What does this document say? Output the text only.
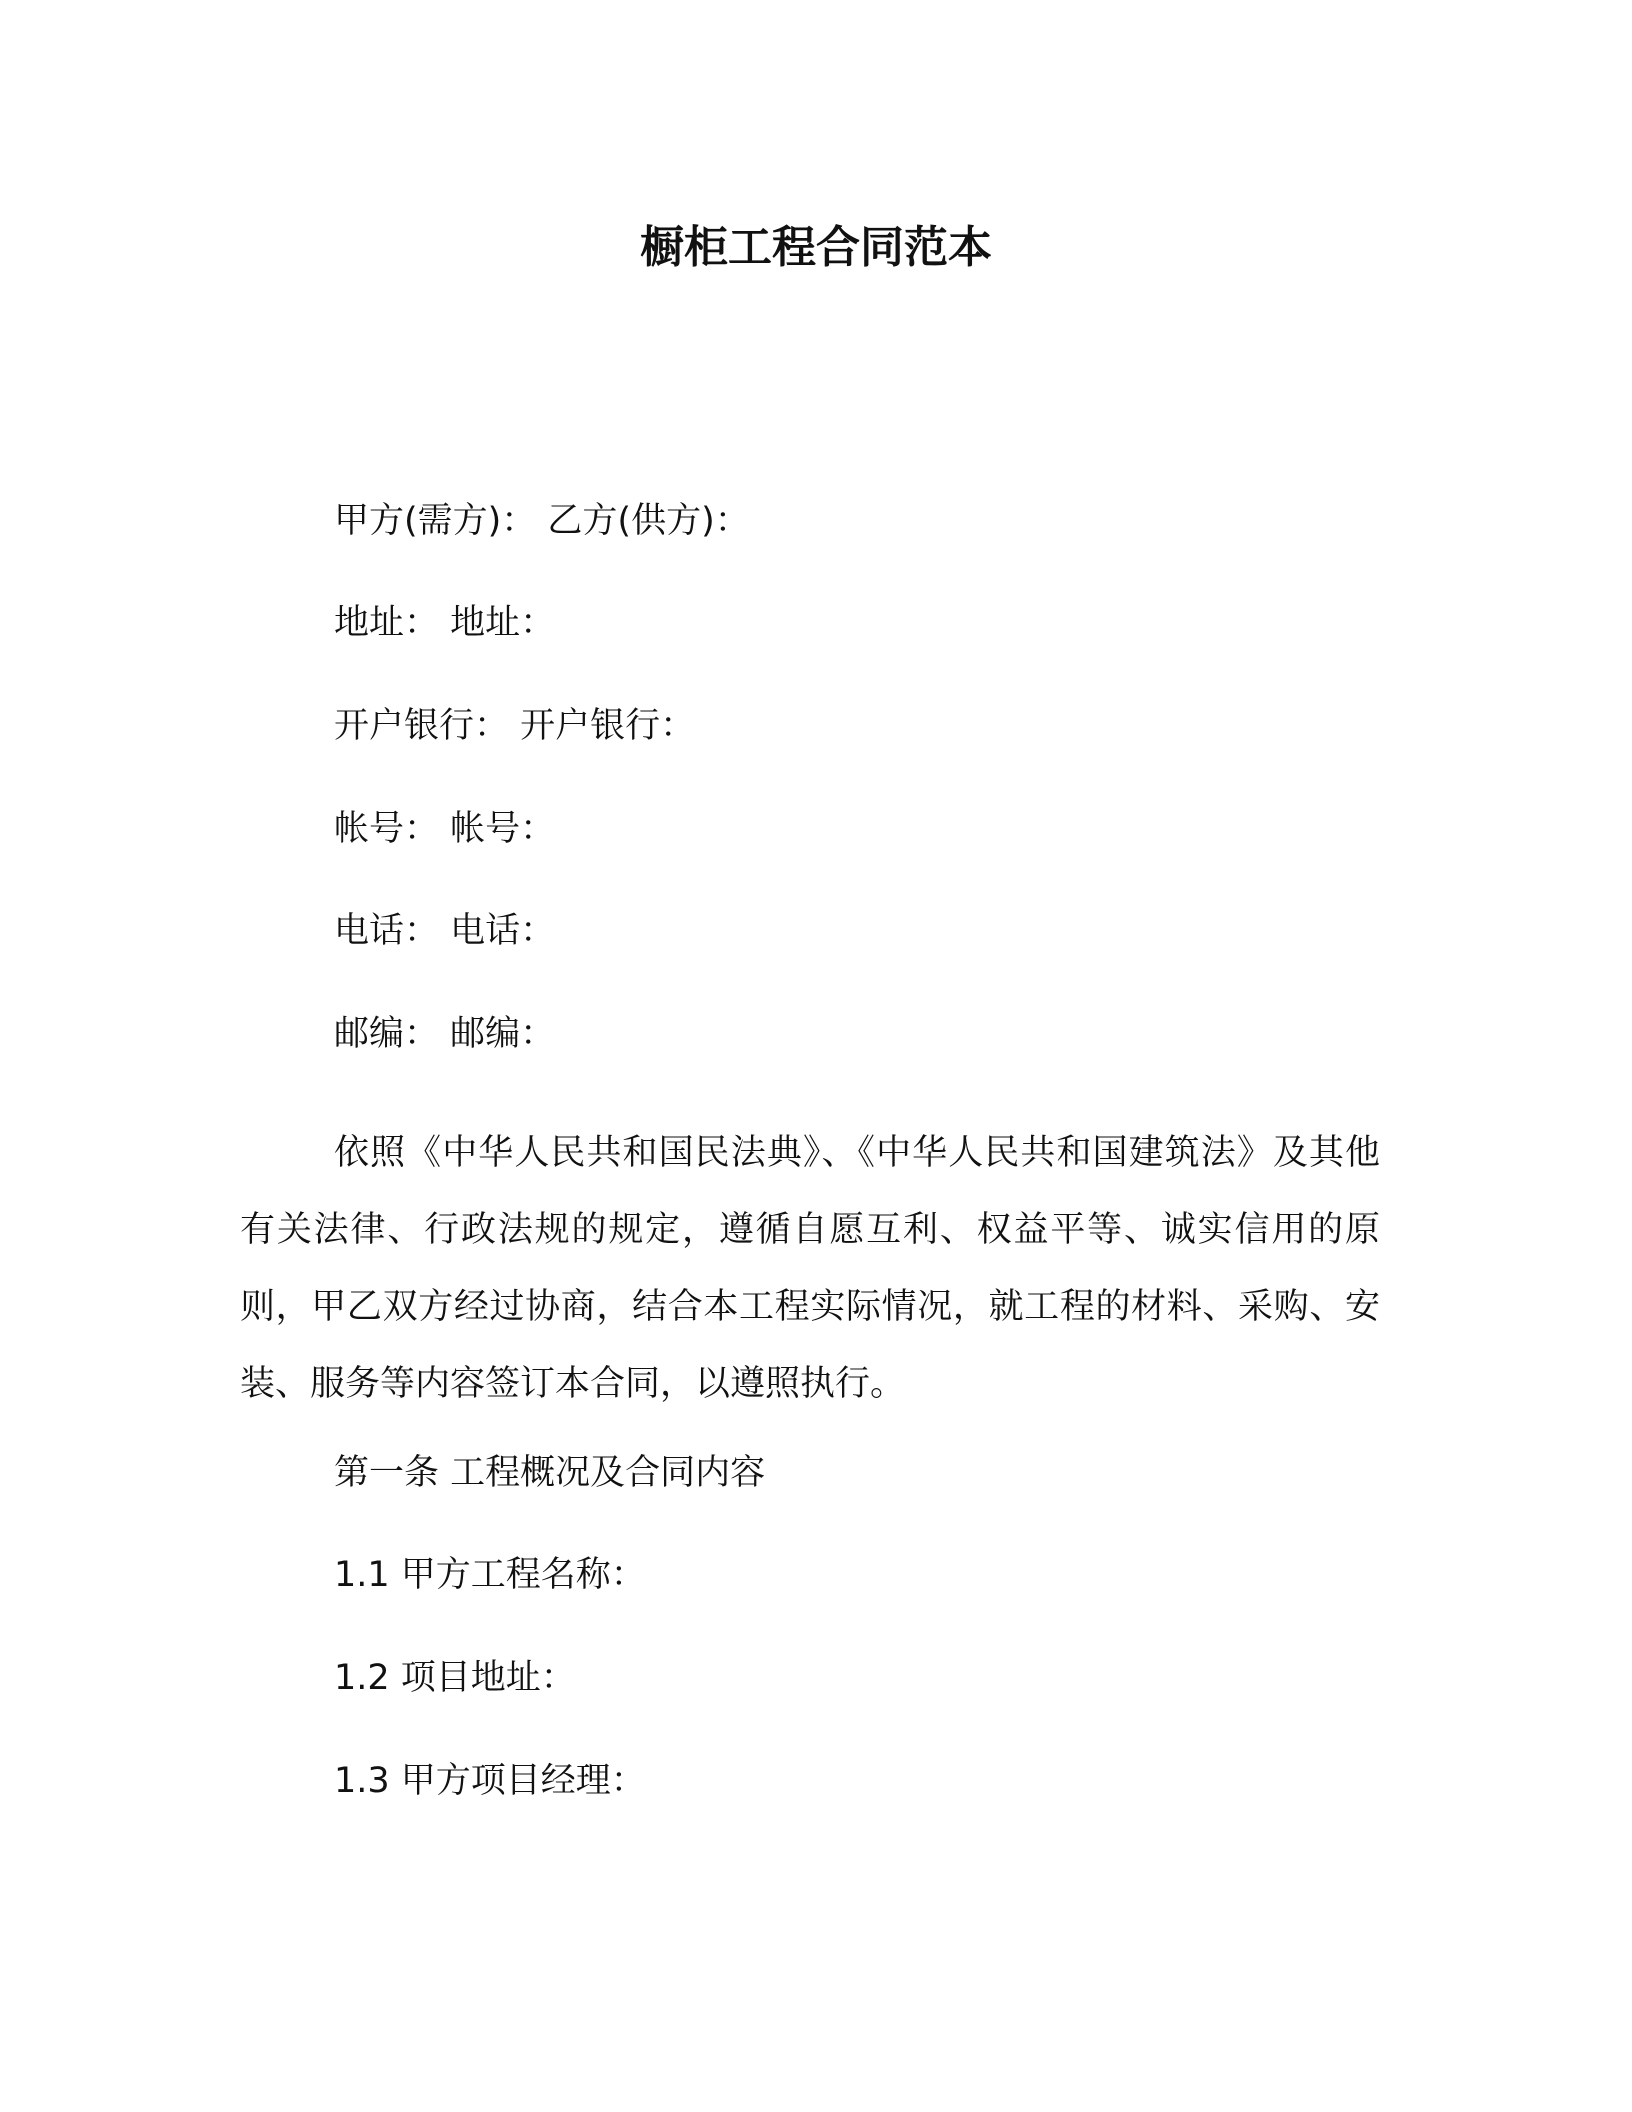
橱柜工程合同范本
甲方(需方)： 乙方(供方)：
地址： 地址：
开户银行： 开户银行：
帐号： 帐号：
电话： 电话：
邮编： 邮编：
依照《中华人民共和国民法典》、《中华人民共和国建筑法》及其他有关法律、行政法规的规定，遵循自愿互利、权益平等、诚实信用的原则，甲乙双方经过协商，结合本工程实际情况，就工程的材料、采购、安装、服务等内容签订本合同，以遵照执行。
第一条 工程概况及合同内容
1.1 甲方工程名称：
1.2 项目地址：
1.3 甲方项目经理：
